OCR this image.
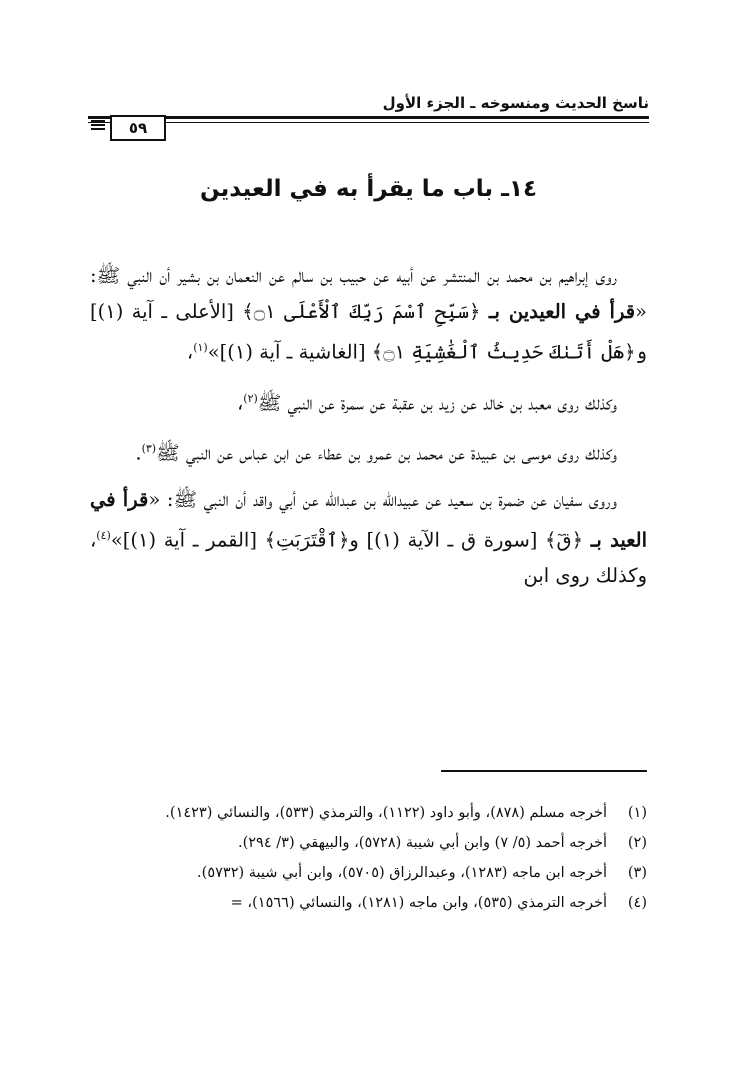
ناسخ الحديث ومنسوخه ـ الجزء الأول
٥٩
١٤ـ باب ما يقرأ به في العيدين

روى إبراهيم بن محمد بن المنتشر عن أبيه عن حبيب بن سالم عن النعمان بن بشير أن النبي ﷺ: «قرأ في العيدين بـ ﴿سَبِّحِ ٱسْمَ رَبِّكَ ٱلْأَعْلَى ۝١﴾ [الأعلى ـ آية (١)] و﴿هَلْ أَتَىٰكَ حَدِيثُ ٱلْغَٰشِيَةِ ۝١﴾ [الغاشية ـ آية (١)]»$^{(١)}$،

وكذلك روى معبد بن خالد عن زيد بن عقبة عن سمرة عن النبي ﷺ$^{(٢)}$،

وكذلك روى موسى بن عبيدة عن محمد بن عمرو بن عطاء عن ابن عباس عن النبي ﷺ$^{(٣)}$.

وروى سفيان عن ضمرة بن سعيد عن عبيدالله بن عبدالله عن أبي واقد أن النبي ﷺ: «قرأ في العيد بـ ﴿قٓ﴾ [سورة ق ـ الآية (١)] و﴿ٱقْتَرَبَتِ﴾ [القمر ـ آية (١)]»$^{(٤)}$، وكذلك روى ابن

(١)
أخرجه مسلم (٨٧٨)، وأبو داود (١١٢٢)، والترمذي (٥٣٣)، والنسائي (١٤٢٣).
(٢)
أخرجه أحمد (٥/ ٧) وابن أبي شيبة (٥٧٢٨)، والبيهقي (٣/ ٢٩٤).
(٣)
أخرجه ابن ماجه (١٢٨٣)، وعبدالرزاق (٥٧٠٥)، وابن أبي شيبة (٥٧٣٢).
(٤)
أخرجه الترمذي (٥٣٥)، وابن ماجه (١٢٨١)، والنسائي (١٥٦٦)، =
